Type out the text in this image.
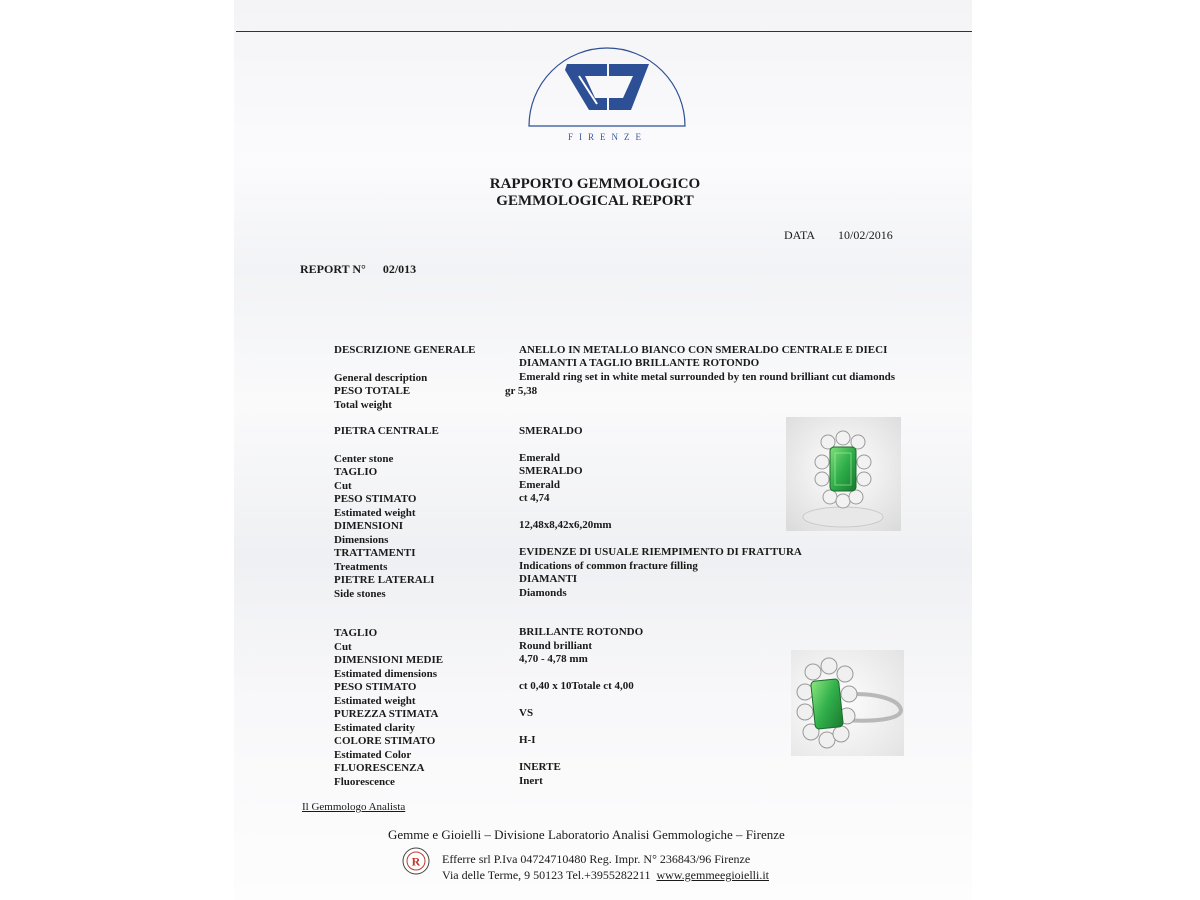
FIRENZE
RAPPORTO GEMMOLOGICO
GEMMOLOGICAL REPORT
DATA 10/02/2016
REPORT N° 02/013
DESCRIZIONE GENERALE	ANELLO IN METALLO BIANCO CON SMERALDO CENTRALE E DIECI
DIAMANTI A TAGLIO BRILLANTE ROTONDO
General description	Emerald ring set in white metal surrounded by ten round brilliant cut diamonds
PESO TOTALE	gr 5,38
Total weight
PIETRA CENTRALE	SMERALDO
Center stone	Emerald
TAGLIO	SMERALDO
Cut	Emerald
PESO STIMATO	ct 4,74
Estimated weight
DIMENSIONI	12,48x8,42x6,20mm
Dimensions
TRATTAMENTI	EVIDENZE DI USUALE RIEMPIMENTO DI FRATTURA
Treatments	Indications of common fracture filling
PIETRE LATERALI	DIAMANTI
Side stones	Diamonds
TAGLIO	BRILLANTE ROTONDO
Cut	Round brilliant
DIMENSIONI MEDIE	4,70 - 4,78 mm
Estimated dimensions
PESO STIMATO	ct 0,40 x 10Totale ct 4,00
Estimated weight
PUREZZA STIMATA	VS
Estimated clarity
COLORE STIMATO	H-I
Estimated Color
FLUORESCENZA	INERTE
Fluorescence	Inert
Il Gemmologo Analista
Gemme e Gioielli – Divisione Laboratorio Analisi Gemmologiche – Firenze
R Efferre srl P.Iva 04724710480 Reg. Impr. N° 236843/96 Firenze
Via delle Terme, 9 50123 Tel.+3955282211 www.gemmeegioielli.it
